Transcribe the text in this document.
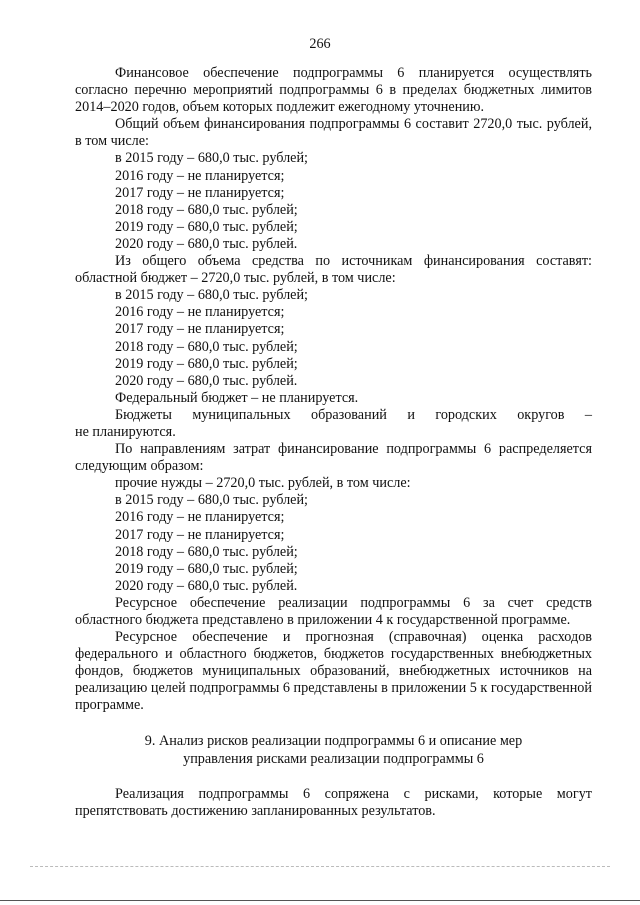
266

Финансовое обеспечение подпрограммы 6 планируется осуществлять согласно перечню мероприятий подпрограммы 6 в пределах бюджетных лимитов 2014–2020 годов, объем которых подлежит ежегодному уточнению.

Общий объем финансирования подпрограммы 6 составит 2720,0 тыс. рублей, в том числе:

в 2015 году – 680,0 тыс. рублей;
2016 году – не планируется;
2017 году – не планируется;
2018 году – 680,0 тыс. рублей;
2019 году – 680,0 тыс. рублей;
2020 году – 680,0 тыс. рублей.

Из общего объема средства по источникам финансирования составят: областной бюджет – 2720,0 тыс. рублей, в том числе:

в 2015 году – 680,0 тыс. рублей;
2016 году – не планируется;
2017 году – не планируется;
2018 году – 680,0 тыс. рублей;
2019 году – 680,0 тыс. рублей;
2020 году – 680,0 тыс. рублей.
Федеральный бюджет – не планируется.
Бюджеты муниципальных образований и городских округов –
не планируются.

По направлениям затрат финансирование подпрограммы 6 распределяется следующим образом:

прочие нужды – 2720,0 тыс. рублей, в том числе:
в 2015 году – 680,0 тыс. рублей;
2016 году – не планируется;
2017 году – не планируется;
2018 году – 680,0 тыс. рублей;
2019 году – 680,0 тыс. рублей;
2020 году – 680,0 тыс. рублей.

Ресурсное обеспечение реализации подпрограммы 6 за счет средств областного бюджета представлено в приложении 4 к государственной программе.

Ресурсное обеспечение и прогнозная (справочная) оценка расходов федерального и областного бюджетов, бюджетов государственных внебюджетных фондов, бюджетов муниципальных образований, внебюджетных источников на реализацию целей подпрограммы 6 представлены в приложении 5 к государственной программе.

9. Анализ рисков реализации подпрограммы 6 и описание мер
управления рисками реализации подпрограммы 6

Реализация подпрограммы 6 сопряжена с рисками, которые могут препятствовать достижению запланированных результатов.
